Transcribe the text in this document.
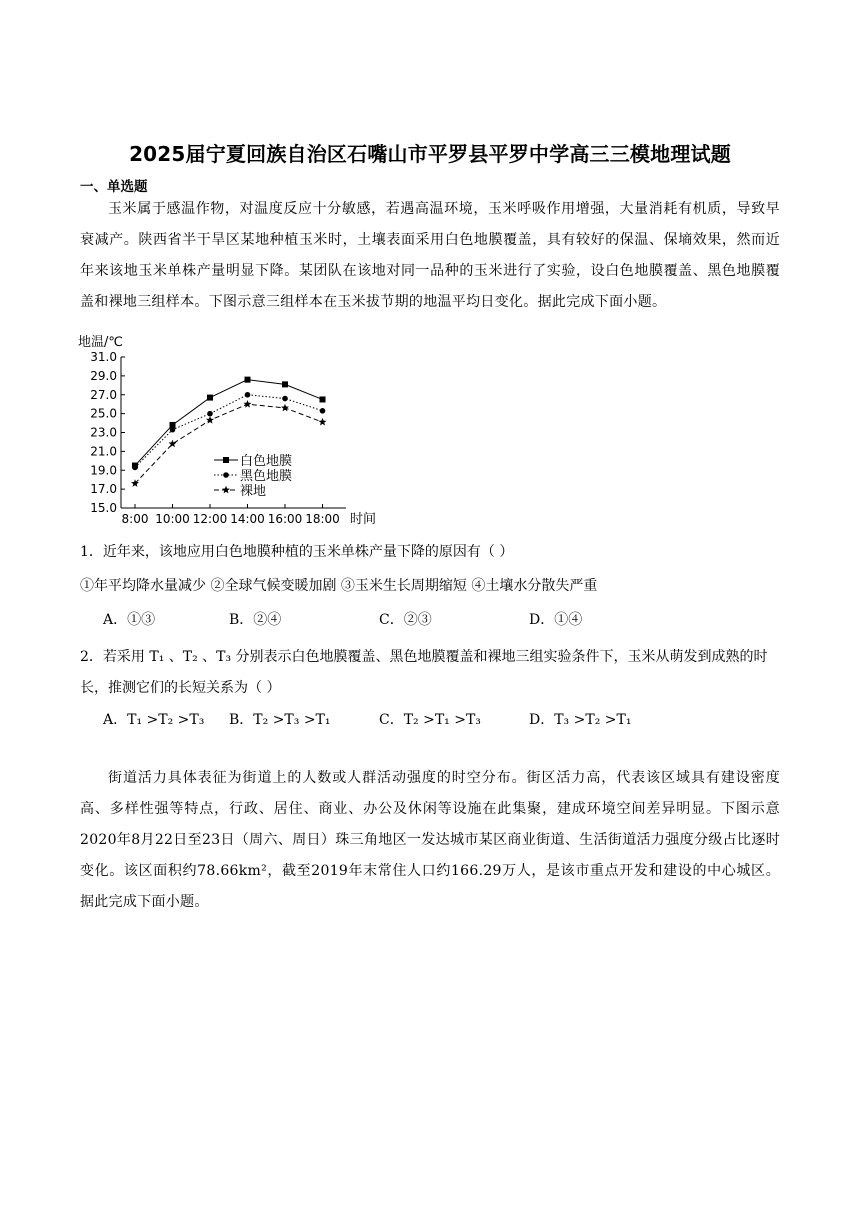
2025届宁夏回族自治区石嘴山市平罗县平罗中学高三三模地理试题
一、单选题
玉米属于感温作物，对温度反应十分敏感，若遇高温环境，玉米呼吸作用增强，大量消耗有机质，导致早衰减产。陕西省半干旱区某地种植玉米时，土壤表面采用白色地膜覆盖，具有较好的保温、保墒效果，然而近年来该地玉米单株产量明显下降。某团队在该地对同一品种的玉米进行了实验，设白色地膜覆盖、黑色地膜覆盖和裸地三组样本。下图示意三组样本在玉米拔节期的地温平均日变化。据此完成下面小题。
地温/℃
时间
15.0
17.0
19.0
21.0
23.0
25.0
27.0
29.0
31.0
8:00 10:00 12:00 14:00 16:00 18:00
白色地膜
黑色地膜
裸地
1．近年来，该地应用白色地膜种植的玉米单株产量下降的原因有（ ）
①年平均降水量减少 ②全球气候变暖加剧 ③玉米生长周期缩短 ④土壤水分散失严重
A．①③	B．②④	C．②③	D．①④
2．若采用 T₁ 、T₂ 、T₃ 分别表示白色地膜覆盖、黑色地膜覆盖和裸地三组实验条件下，玉米从萌发到成熟的时长，推测它们的长短关系为（ ）
A．T₁ >T₂ >T₃ B．T₂ >T₃ >T₁	C．T₂ >T₁ >T₃	D．T₃ >T₂ >T₁
街道活力具体表征为街道上的人数或人群活动强度的时空分布。街区活力高，代表该区域具有建设密度高、多样性强等特点，行政、居住、商业、办公及休闲等设施在此集聚，建成环境空间差异明显。下图示意2020年8月22日至23日（周六、周日）珠三角地区一发达城市某区商业街道、生活街道活力强度分级占比逐时变化。该区面积约78.66km²，截至2019年末常住人口约166.29万人，是该市重点开发和建设的中心城区。据此完成下面小题。
